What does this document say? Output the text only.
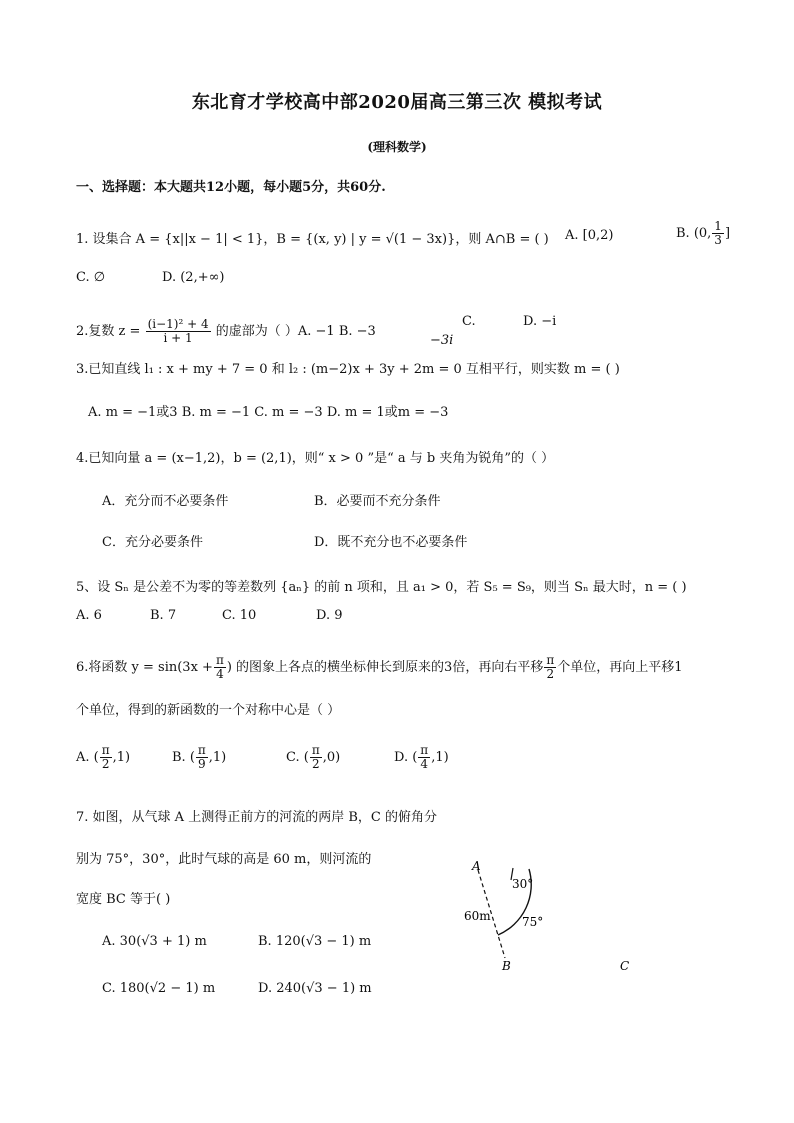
东北育才学校高中部2020届高三第三次 模拟考试
(理科数学)
一、选择题：本大题共12小题，每小题5分，共60分.
1. 设集合 A = {x||x − 1| < 1}，B = {(x, y) | y = √(1 − 3x)}，则 A∩B = ( ) A. [0,2)	B. (0, $\frac{1}{3}$ ]
C. ∅	D. (2,+∞)
2.复数 $z = \frac{\text{(i−1)² + 4}}{i + 1}$ 的虚部为（ ）A. −1 B. −3
−3i
C.	D. −i
3.已知直线 l₁ : x + my + 7 = 0 和 l₂ : (m−2)x + 3y + 2m = 0 互相平行，则实数 m = ( )
A. m = −1或3 B. m = −1 C. m = −3 D. m = 1或m = −3
4.已知向量 a = (x−1,2)，b = (2,1)，则“ x > 0 ”是“ a 与 b 夹角为锐角”的（ ）
A．充分而不必要条件	B．必要而不充分条件
C．充分必要条件	D．既不充分也不必要条件
5、设 Sₙ 是公差不为零的等差数列 {aₙ} 的前 n 项和，且 a₁ > 0，若 S₅ = S₉，则当 Sₙ 最大时，n = ( )
A. 6	B. 7	C. 10	D. 9
6.将函数 $y = \sin(3x + \frac{\pi}{4}$ ) 的图象上各点的横坐标伸长到原来的3倍，再向右平移 $\frac{\pi}{2}$ 个单位，再向上平移1
个单位，得到的新函数的一个对称中心是（ ）
A. ( $\frac{\pi}{2} ,1$)	B. ( $\frac{\pi}{9} ,1$)	C. ( $\frac{\pi}{2} ,0$)	D. ( $\frac{\pi}{4} ,1$)
7. 如图，从气球 A 上测得正前方的河流的两岸 B，C 的俯角分
别为 75°，30°，此时气球的高是 60 m，则河流的
宽度 BC 等于( )
A. 30(√3 + 1) m	B. 120(√3 − 1) m
C. 180(√2 − 1) m	D. 240(√3 − 1) m
A
B	C
60m
30°
75°
